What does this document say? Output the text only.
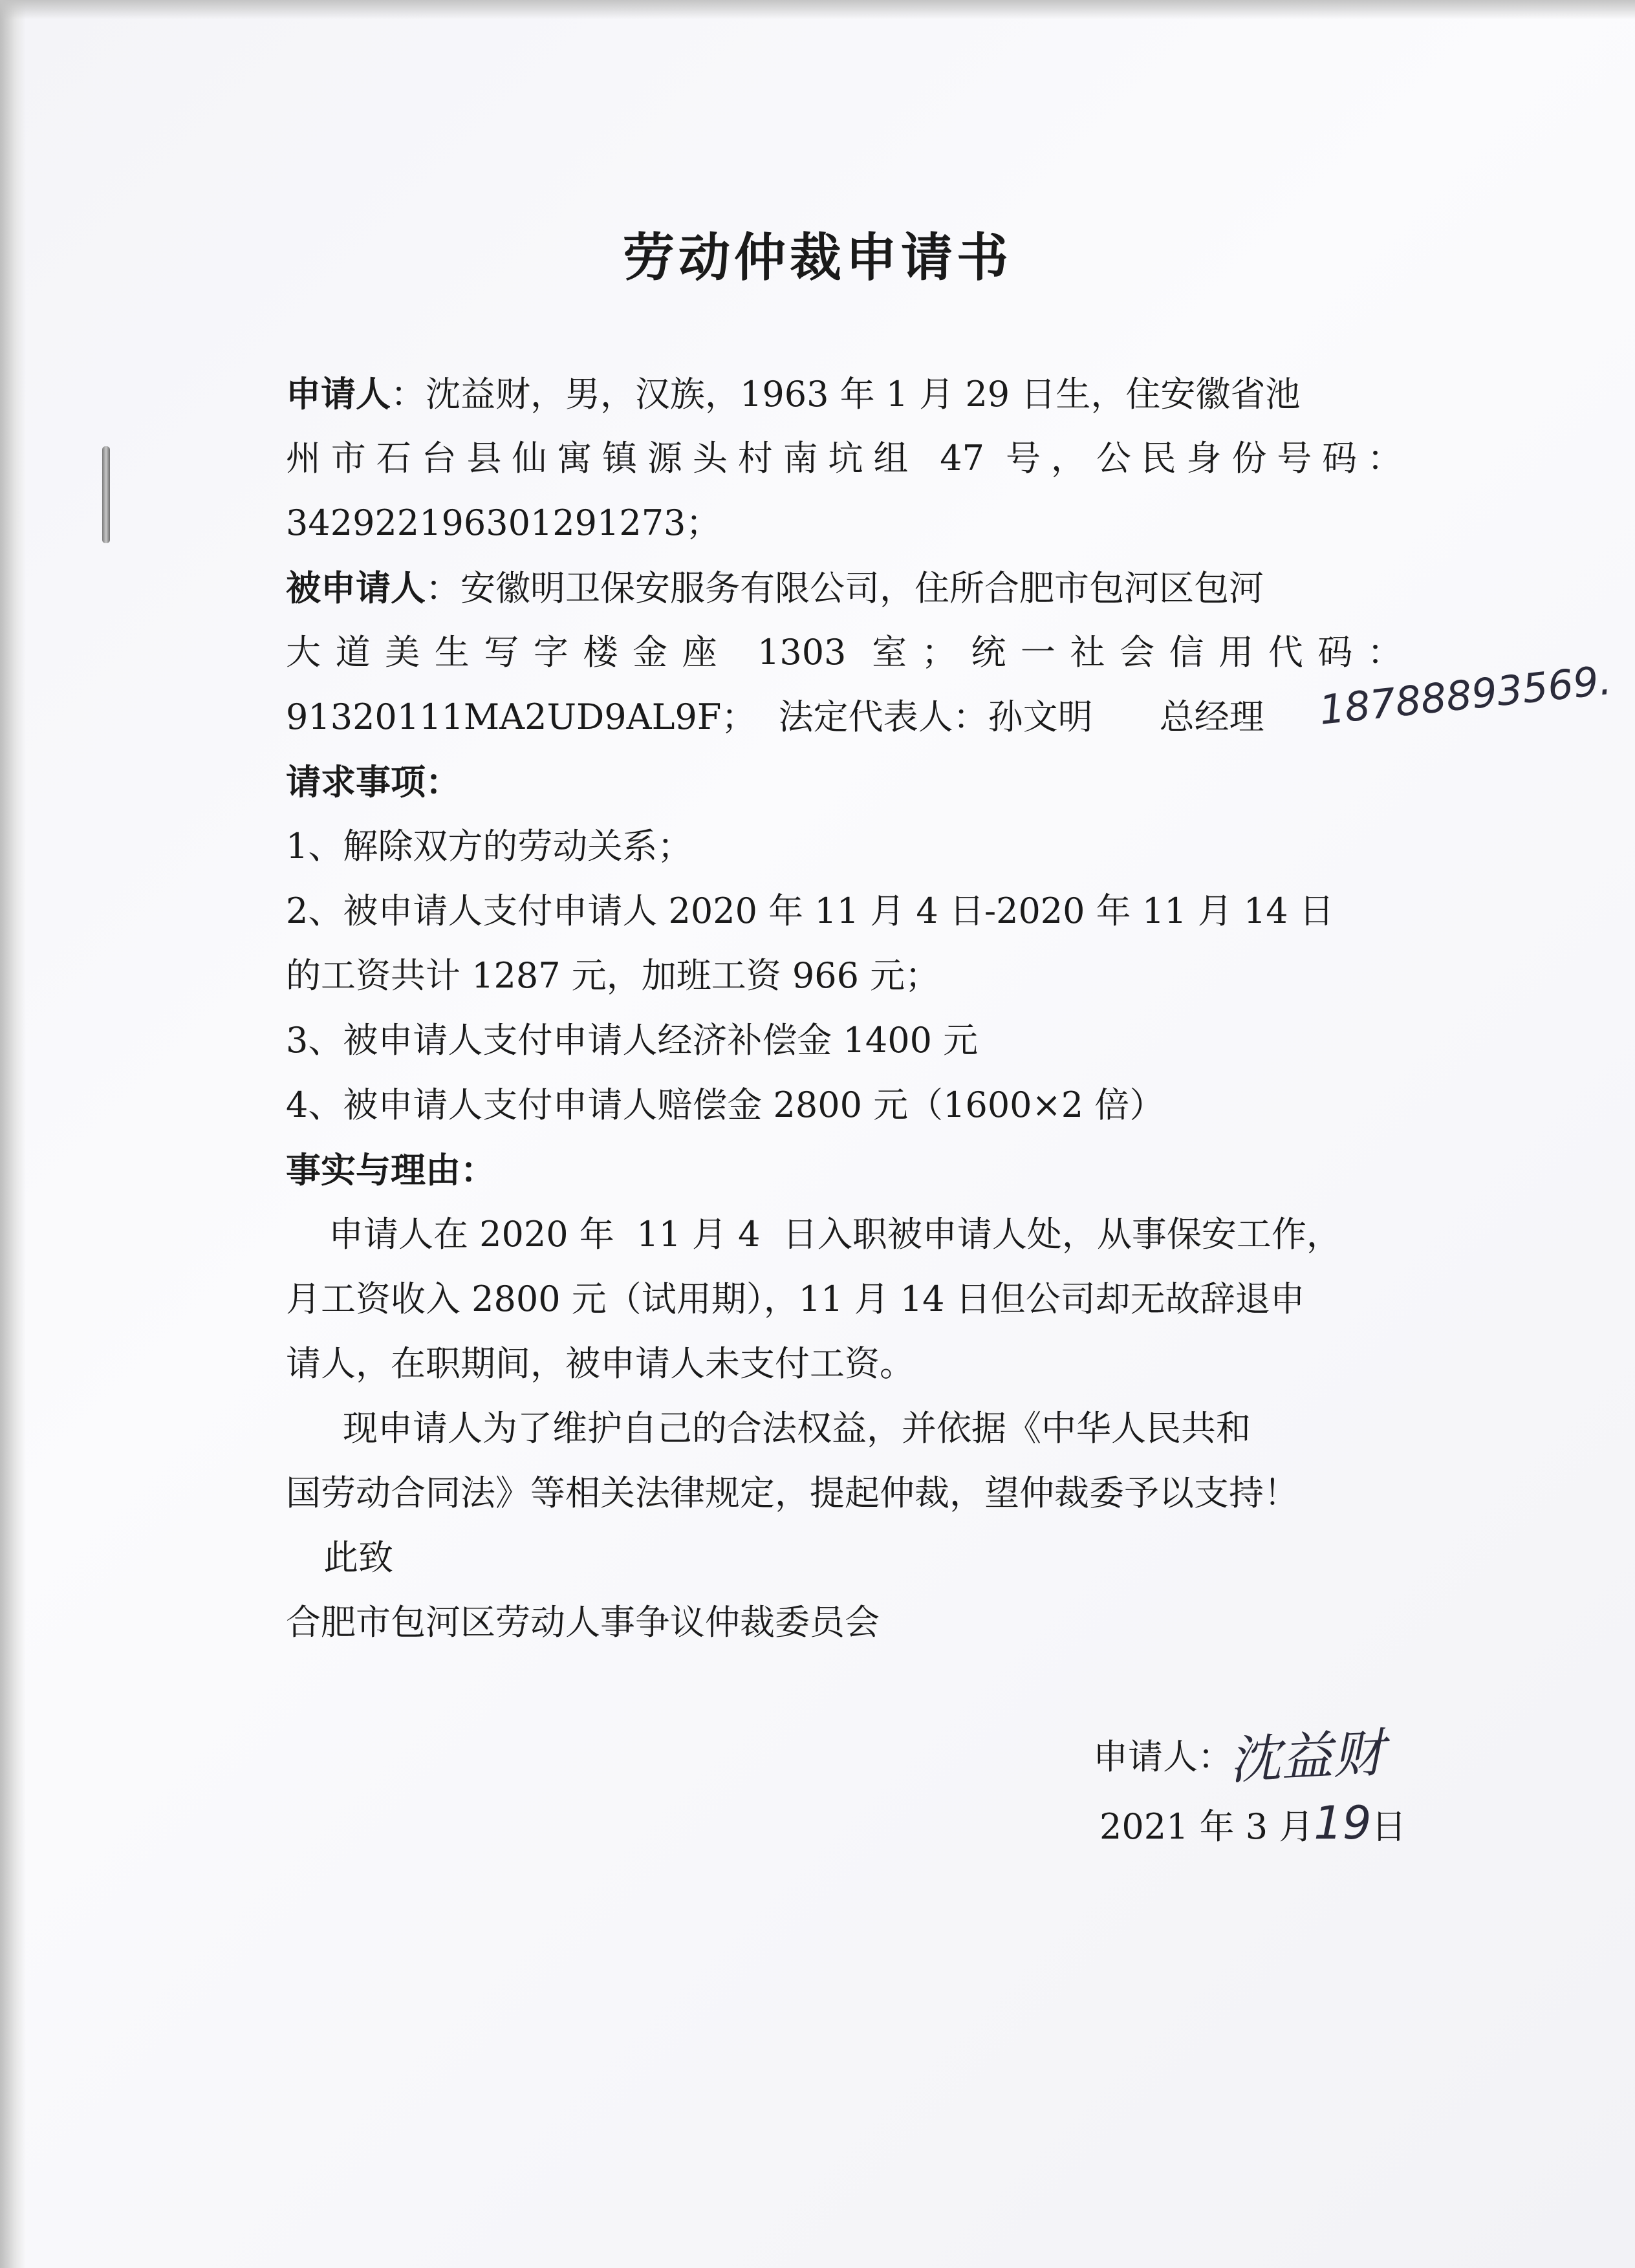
劳动仲裁申请书
申请人：沈益财，男，汉族，1963 年 1 月 29 日生，住安徽省池
州市石台县仙寓镇源头村南坑组 47 号，公民身份号码：
342922196301291273；
被申请人：安徽明卫保安服务有限公司，住所合肥市包河区包河
大道美生写字楼金座 1303 室；统一社会信用代码：
91320111MA2UD9AL9F；  法定代表人：孙文明      总经理	18788893569.
请求事项：
1、解除双方的劳动关系；
2、被申请人支付申请人 2020 年 11 月 4 日-2020 年 11 月 14 日
的工资共计 1287 元，加班工资 966 元；
3、被申请人支付申请人经济补偿金 1400 元
4、被申请人支付申请人赔偿金 2800 元（1600×2 倍）
事实与理由：
申请人在 2020 年  11 月 4  日入职被申请人处，从事保安工作，
月工资收入 2800 元（试用期），11 月 14 日但公司却无故辞退申
请人，在职期间，被申请人未支付工资。
现申请人为了维护自己的合法权益，并依据《中华人民共和
国劳动合同法》等相关法律规定，提起仲裁，望仲裁委予以支持！
此致
合肥市包河区劳动人事争议仲裁委员会
申请人：
沈益财
2021 年 3 月19日
